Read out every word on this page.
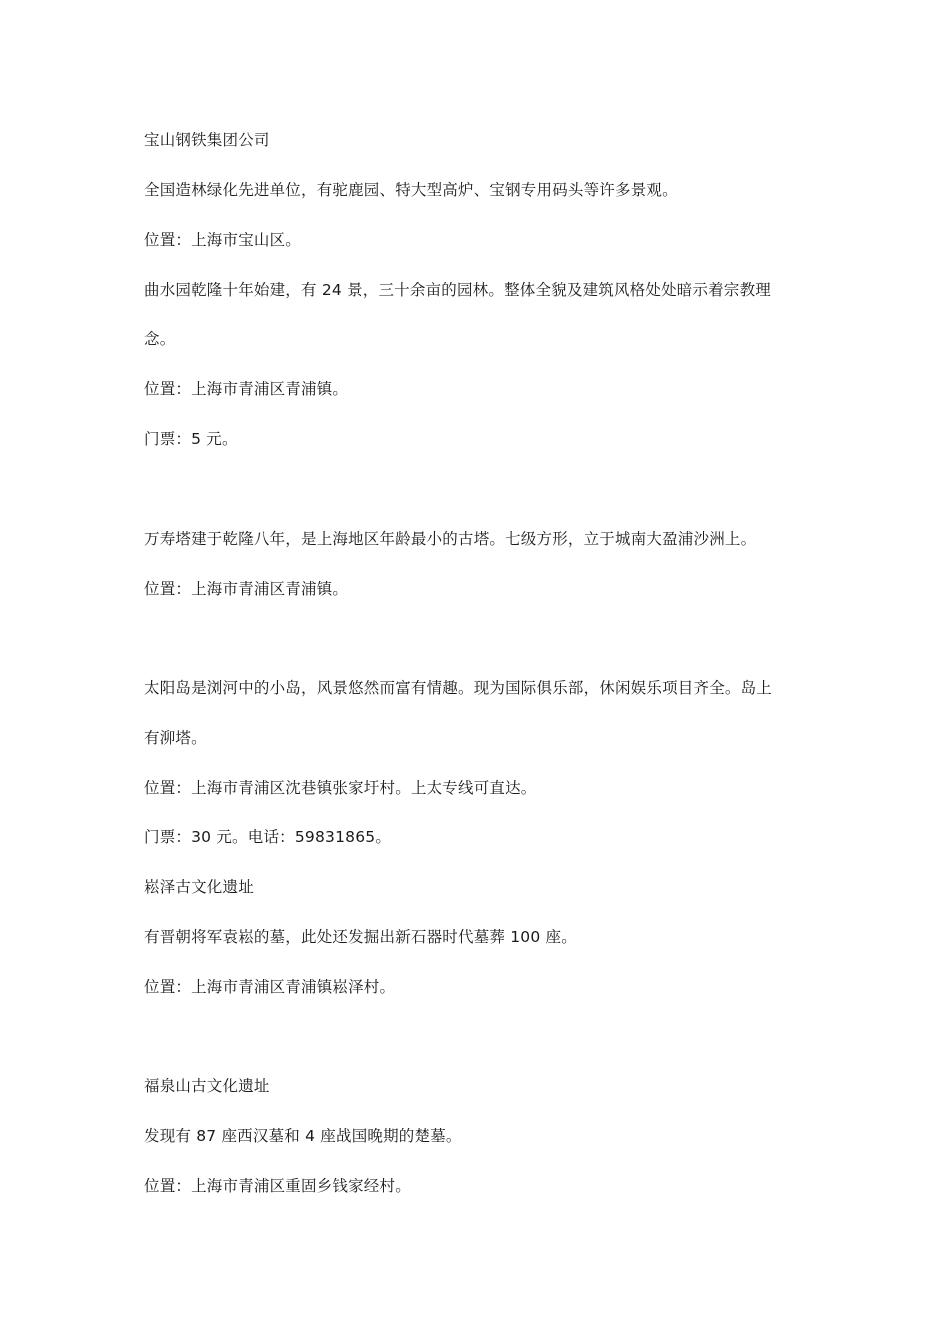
宝山钢铁集团公司
全国造林绿化先进单位，有驼鹿园、特大型高炉、宝钢专用码头等许多景观。
位置：上海市宝山区。
曲水园乾隆十年始建，有 24 景，三十余亩的园林。整体全貌及建筑风格处处暗示着宗教理
念。
位置：上海市青浦区青浦镇。
门票：5 元。
万寿塔建于乾隆八年，是上海地区年龄最小的古塔。七级方形，立于城南大盈浦沙洲上。
位置：上海市青浦区青浦镇。
太阳岛是浏河中的小岛，风景悠然而富有情趣。现为国际俱乐部，休闲娱乐项目齐全。岛上
有泖塔。
位置：上海市青浦区沈巷镇张家圩村。上太专线可直达。
门票：30 元。电话：59831865。
崧泽古文化遗址
有晋朝将军袁崧的墓，此处还发掘出新石器时代墓葬 100 座。
位置：上海市青浦区青浦镇崧泽村。
福泉山古文化遗址
发现有 87 座西汉墓和 4 座战国晚期的楚墓。
位置：上海市青浦区重固乡钱家经村。
